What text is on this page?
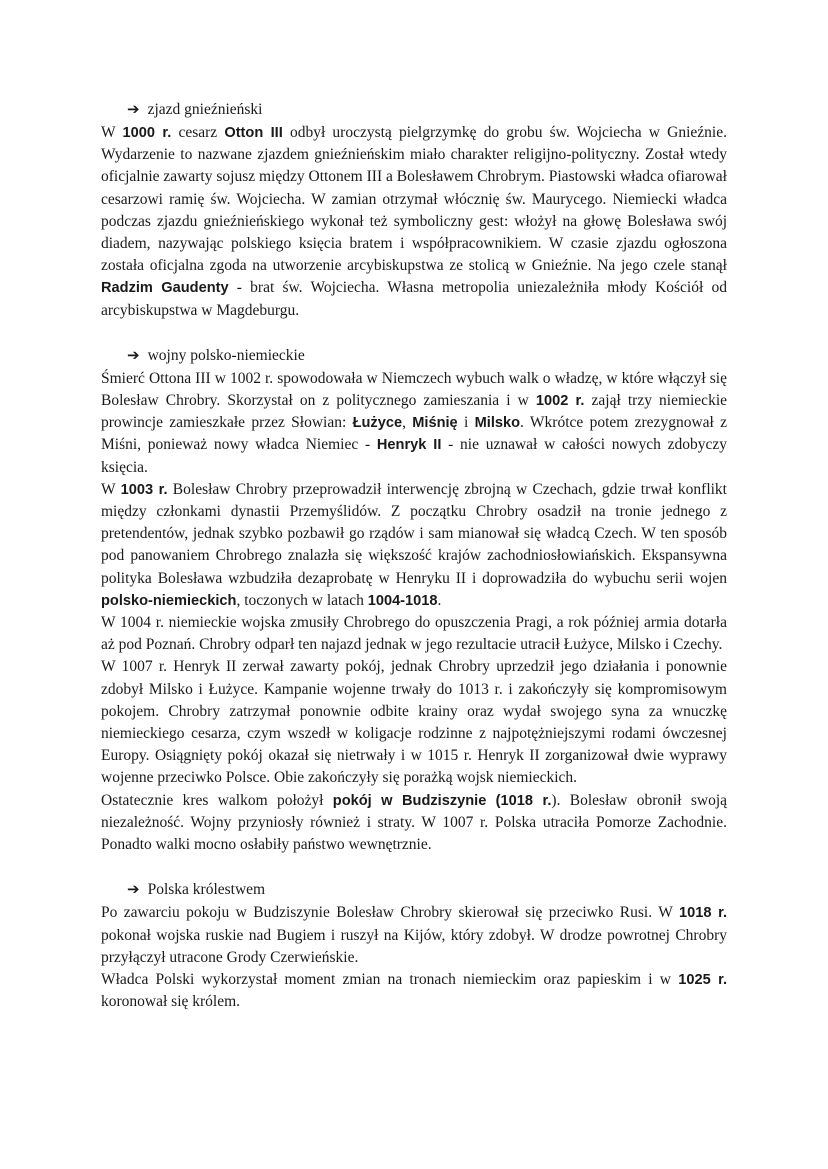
➔ zjazd gnieźnieński

W 1000 r. cesarz Otton III odbył uroczystą pielgrzymkę do grobu św. Wojciecha w Gnieźnie. Wydarzenie to nazwane zjazdem gnieźnieńskim miało charakter religijno-polityczny. Został wtedy oficjalnie zawarty sojusz między Ottonem III a Bolesławem Chrobrym. Piastowski władca ofiarował cesarzowi ramię św. Wojciecha. W zamian otrzymał włócznię św. Maurycego. Niemiecki władca podczas zjazdu gnieźnieńskiego wykonał też symboliczny gest: włożył na głowę Bolesława swój diadem, nazywając polskiego księcia bratem i współpracownikiem. W czasie zjazdu ogłoszona została oficjalna zgoda na utworzenie arcybiskupstwa ze stolicą w Gnieźnie. Na jego czele stanął Radzim Gaudenty - brat św. Wojciecha. Własna metropolia uniezależniła młody Kościół od arcybiskupstwa w Magdeburgu.

➔ wojny polsko-niemieckie

Śmierć Ottona III w 1002 r. spowodowała w Niemczech wybuch walk o władzę, w które włączył się Bolesław Chrobry. Skorzystał on z politycznego zamieszania i w 1002 r. zajął trzy niemieckie prowincje zamieszkałe przez Słowian: Łużyce, Miśnię i Milsko. Wkrótce potem zrezygnował z Miśni, ponieważ nowy władca Niemiec - Henryk II - nie uznawał w całości nowych zdobyczy księcia.

W 1003 r. Bolesław Chrobry przeprowadził interwencję zbrojną w Czechach, gdzie trwał konflikt między członkami dynastii Przemyślidów. Z początku Chrobry osadził na tronie jednego z pretendentów, jednak szybko pozbawił go rządów i sam mianował się władcą Czech. W ten sposób pod panowaniem Chrobrego znalazła się większość krajów zachodniosłowiańskich. Ekspansywna polityka Bolesława wzbudziła dezaprobatę w Henryku II i doprowadziła do wybuchu serii wojen polsko-niemieckich, toczonych w latach 1004-1018.

W 1004 r. niemieckie wojska zmusiły Chrobrego do opuszczenia Pragi, a rok później armia dotarła aż pod Poznań. Chrobry odparł ten najazd jednak w jego rezultacie utracił Łużyce, Milsko i Czechy.

W 1007 r. Henryk II zerwał zawarty pokój, jednak Chrobry uprzedził jego działania i ponownie zdobył Milsko i Łużyce. Kampanie wojenne trwały do 1013 r. i zakończyły się kompromisowym pokojem. Chrobry zatrzymał ponownie odbite krainy oraz wydał swojego syna za wnuczkę niemieckiego cesarza, czym wszedł w koligacje rodzinne z najpotężniejszymi rodami ówczesnej Europy. Osiągnięty pokój okazał się nietrwały i w 1015 r. Henryk II zorganizował dwie wyprawy wojenne przeciwko Polsce. Obie zakończyły się porażką wojsk niemieckich.

Ostatecznie kres walkom położył pokój w Budziszynie (1018 r.). Bolesław obronił swoją niezależność. Wojny przyniosły również i straty. W 1007 r. Polska utraciła Pomorze Zachodnie. Ponadto walki mocno osłabiły państwo wewnętrznie.

➔ Polska królestwem

Po zawarciu pokoju w Budziszynie Bolesław Chrobry skierował się przeciwko Rusi. W 1018 r. pokonał wojska ruskie nad Bugiem i ruszył na Kijów, który zdobył. W drodze powrotnej Chrobry przyłączył utracone Grody Czerwieńskie.

Władca Polski wykorzystał moment zmian na tronach niemieckim oraz papieskim i w 1025 r. koronował się królem.
